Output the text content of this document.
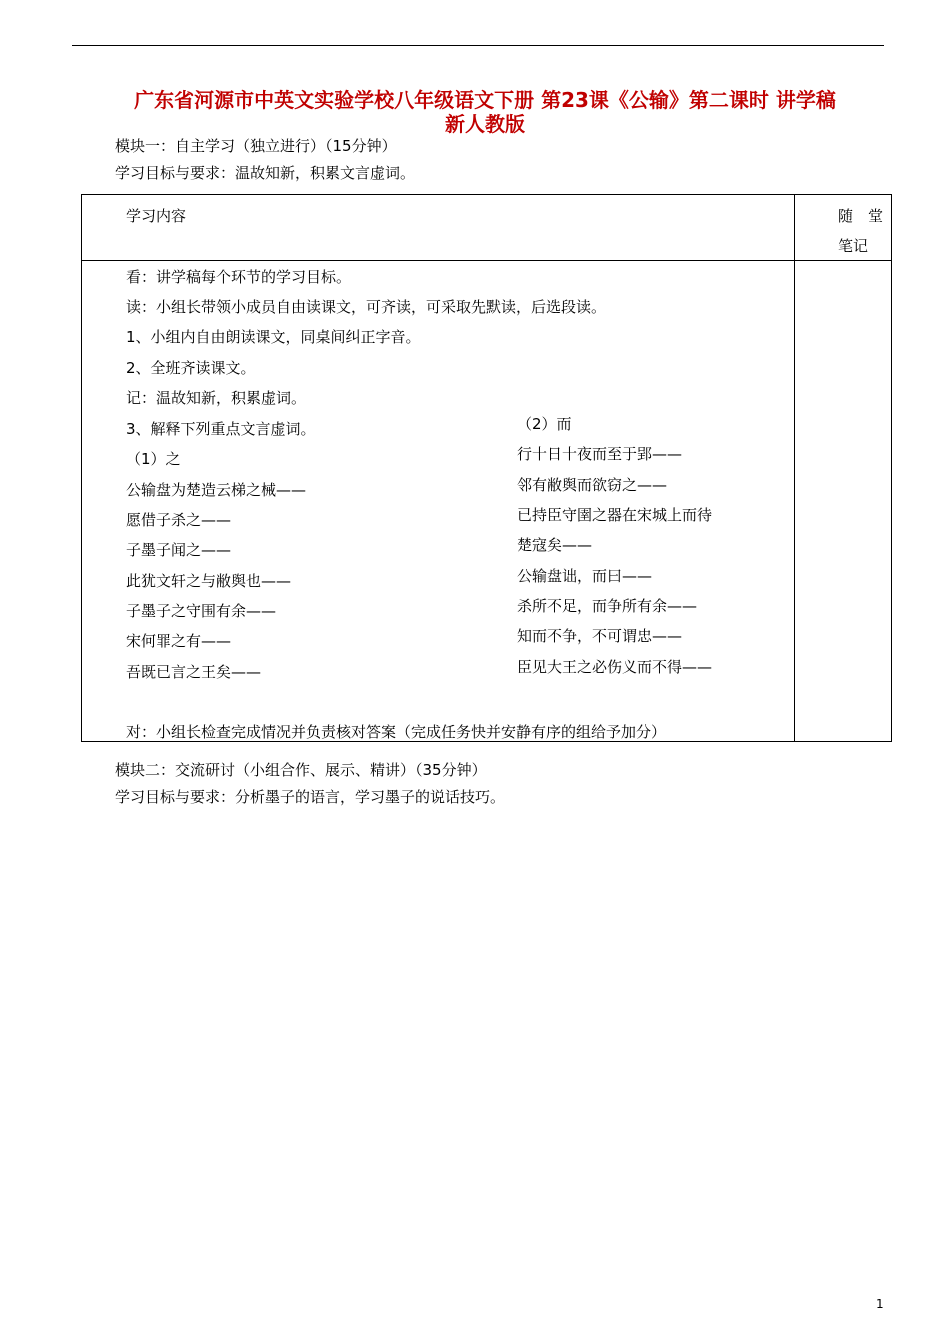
广东省河源市中英文实验学校八年级语文下册 第23课《公输》第二课时 讲学稿
新人教版
模块一：自主学习（独立进行）（15分钟）
学习目标与要求：温故知新，积累文言虚词。
学习内容	随　堂
笔记
看：讲学稿每个环节的学习目标。
读：小组长带领小成员自由读课文，可齐读，可采取先默读，后选段读。
1、小组内自由朗读课文，同桌间纠正字音。
2、全班齐读课文。
记：温故知新，积累虚词。
3、解释下列重点文言虚词。
（1）之
公输盘为楚造云梯之械——
愿借子杀之——
子墨子闻之——
此犹文轩之与敝舆也——
子墨子之守围有余——
宋何罪之有——
吾既已言之王矣——
（2）而
行十日十夜而至于郢——
邻有敝舆而欲窃之——
已持臣守圉之器在宋城上而待
楚寇矣——
公输盘诎，而曰——
杀所不足，而争所有余——
知而不争，不可谓忠——
臣见大王之必伤义而不得——
对：小组长检查完成情况并负责核对答案（完成任务快并安静有序的组给予加分）
模块二：交流研讨（小组合作、展示、精讲）（35分钟）
学习目标与要求：分析墨子的语言，学习墨子的说话技巧。
1
